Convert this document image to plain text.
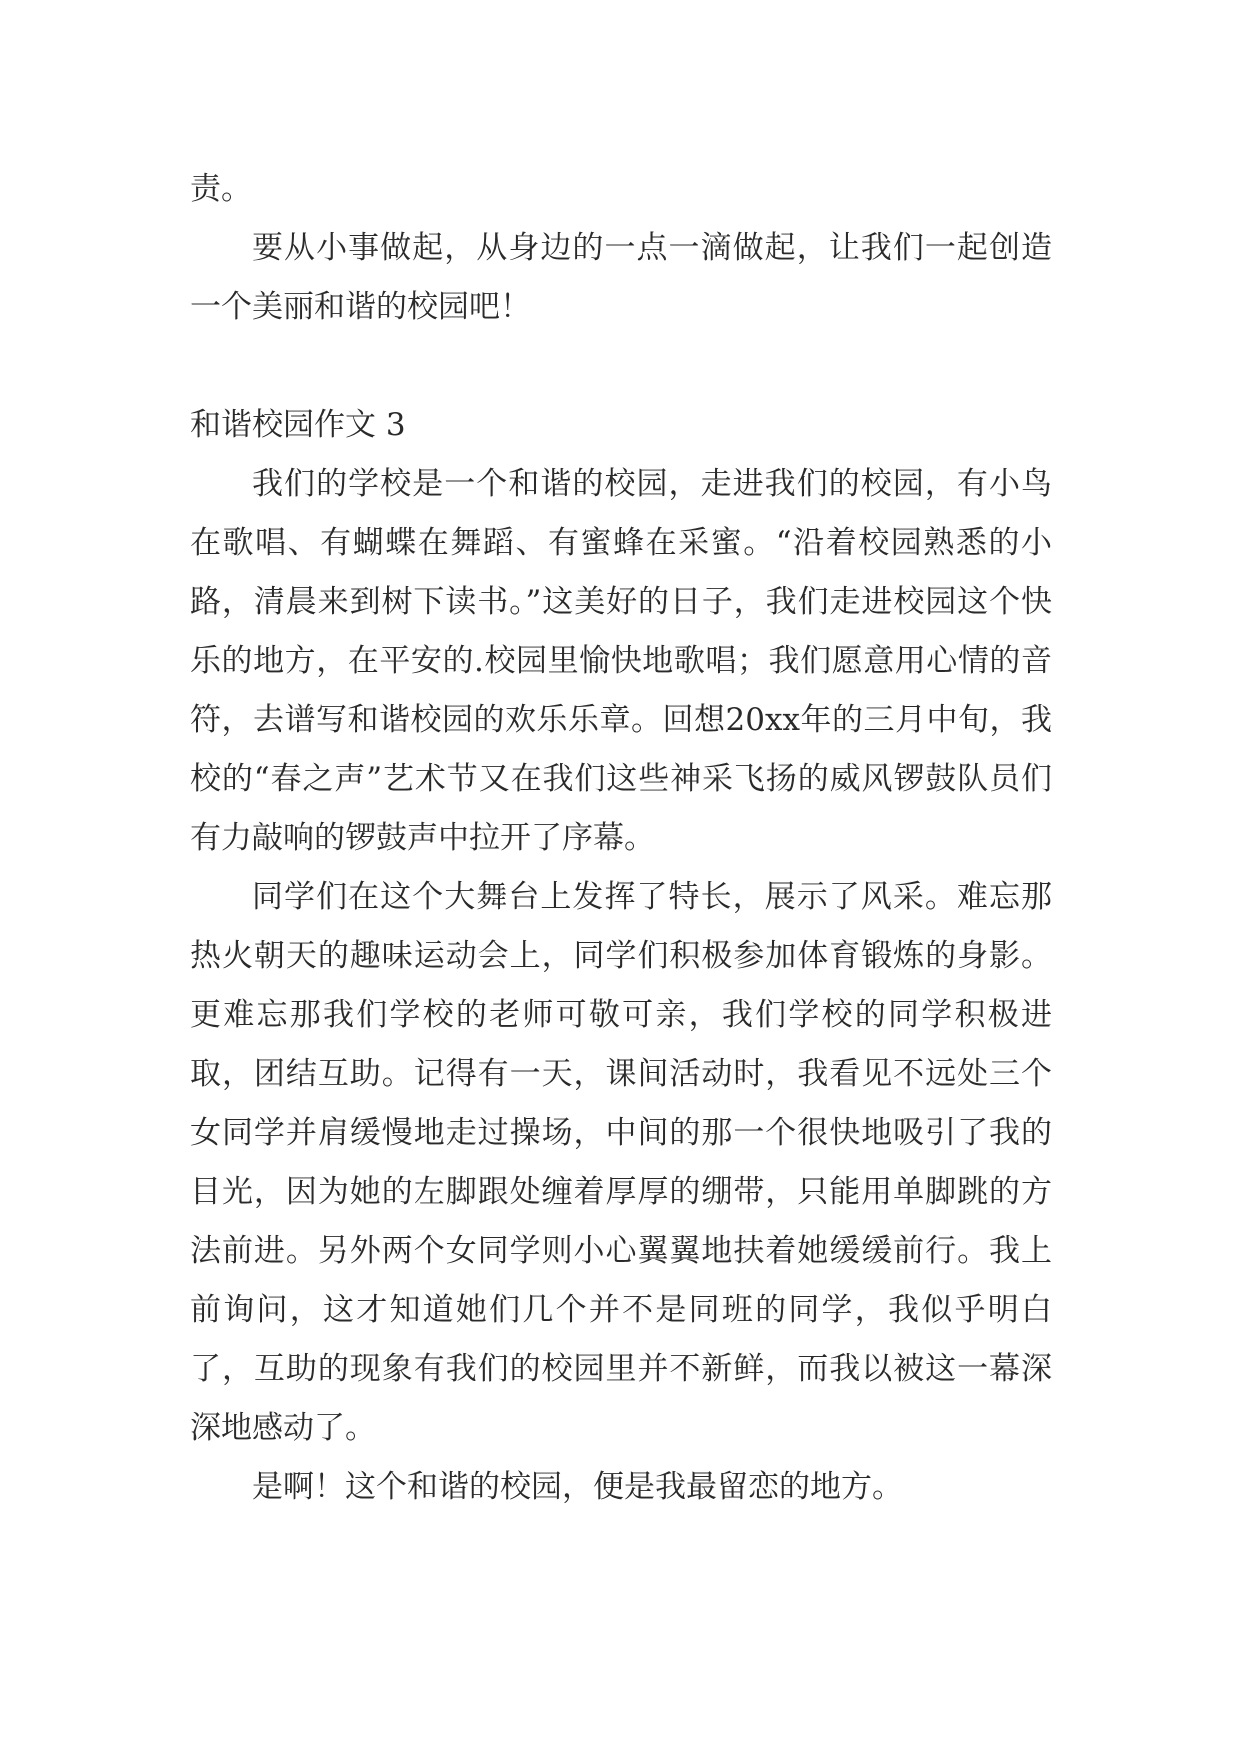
责。

要从小事做起，从身边的一点一滴做起，让我们一起创造一个美丽和谐的校园吧！

和谐校园作文 3

我们的学校是一个和谐的校园，走进我们的校园，有小鸟在歌唱、有蝴蝶在舞蹈、有蜜蜂在采蜜。“沿着校园熟悉的小路，清晨来到树下读书。”这美好的日子，我们走进校园这个快乐的地方，在平安的.校园里愉快地歌唱；我们愿意用心情的音符，去谱写和谐校园的欢乐乐章。回想20xx年的三月中旬，我校的“春之声”艺术节又在我们这些神采飞扬的威风锣鼓队员们有力敲响的锣鼓声中拉开了序幕。

同学们在这个大舞台上发挥了特长，展示了风采。难忘那热火朝天的趣味运动会上，同学们积极参加体育锻炼的身影。更难忘那我们学校的老师可敬可亲，我们学校的同学积极进取，团结互助。记得有一天，课间活动时，我看见不远处三个女同学并肩缓慢地走过操场，中间的那一个很快地吸引了我的目光，因为她的左脚跟处缠着厚厚的绷带，只能用单脚跳的方法前进。另外两个女同学则小心翼翼地扶着她缓缓前行。我上前询问，这才知道她们几个并不是同班的同学，我似乎明白了，互助的现象有我们的校园里并不新鲜，而我以被这一幕深深地感动了。

是啊！这个和谐的校园，便是我最留恋的地方。
